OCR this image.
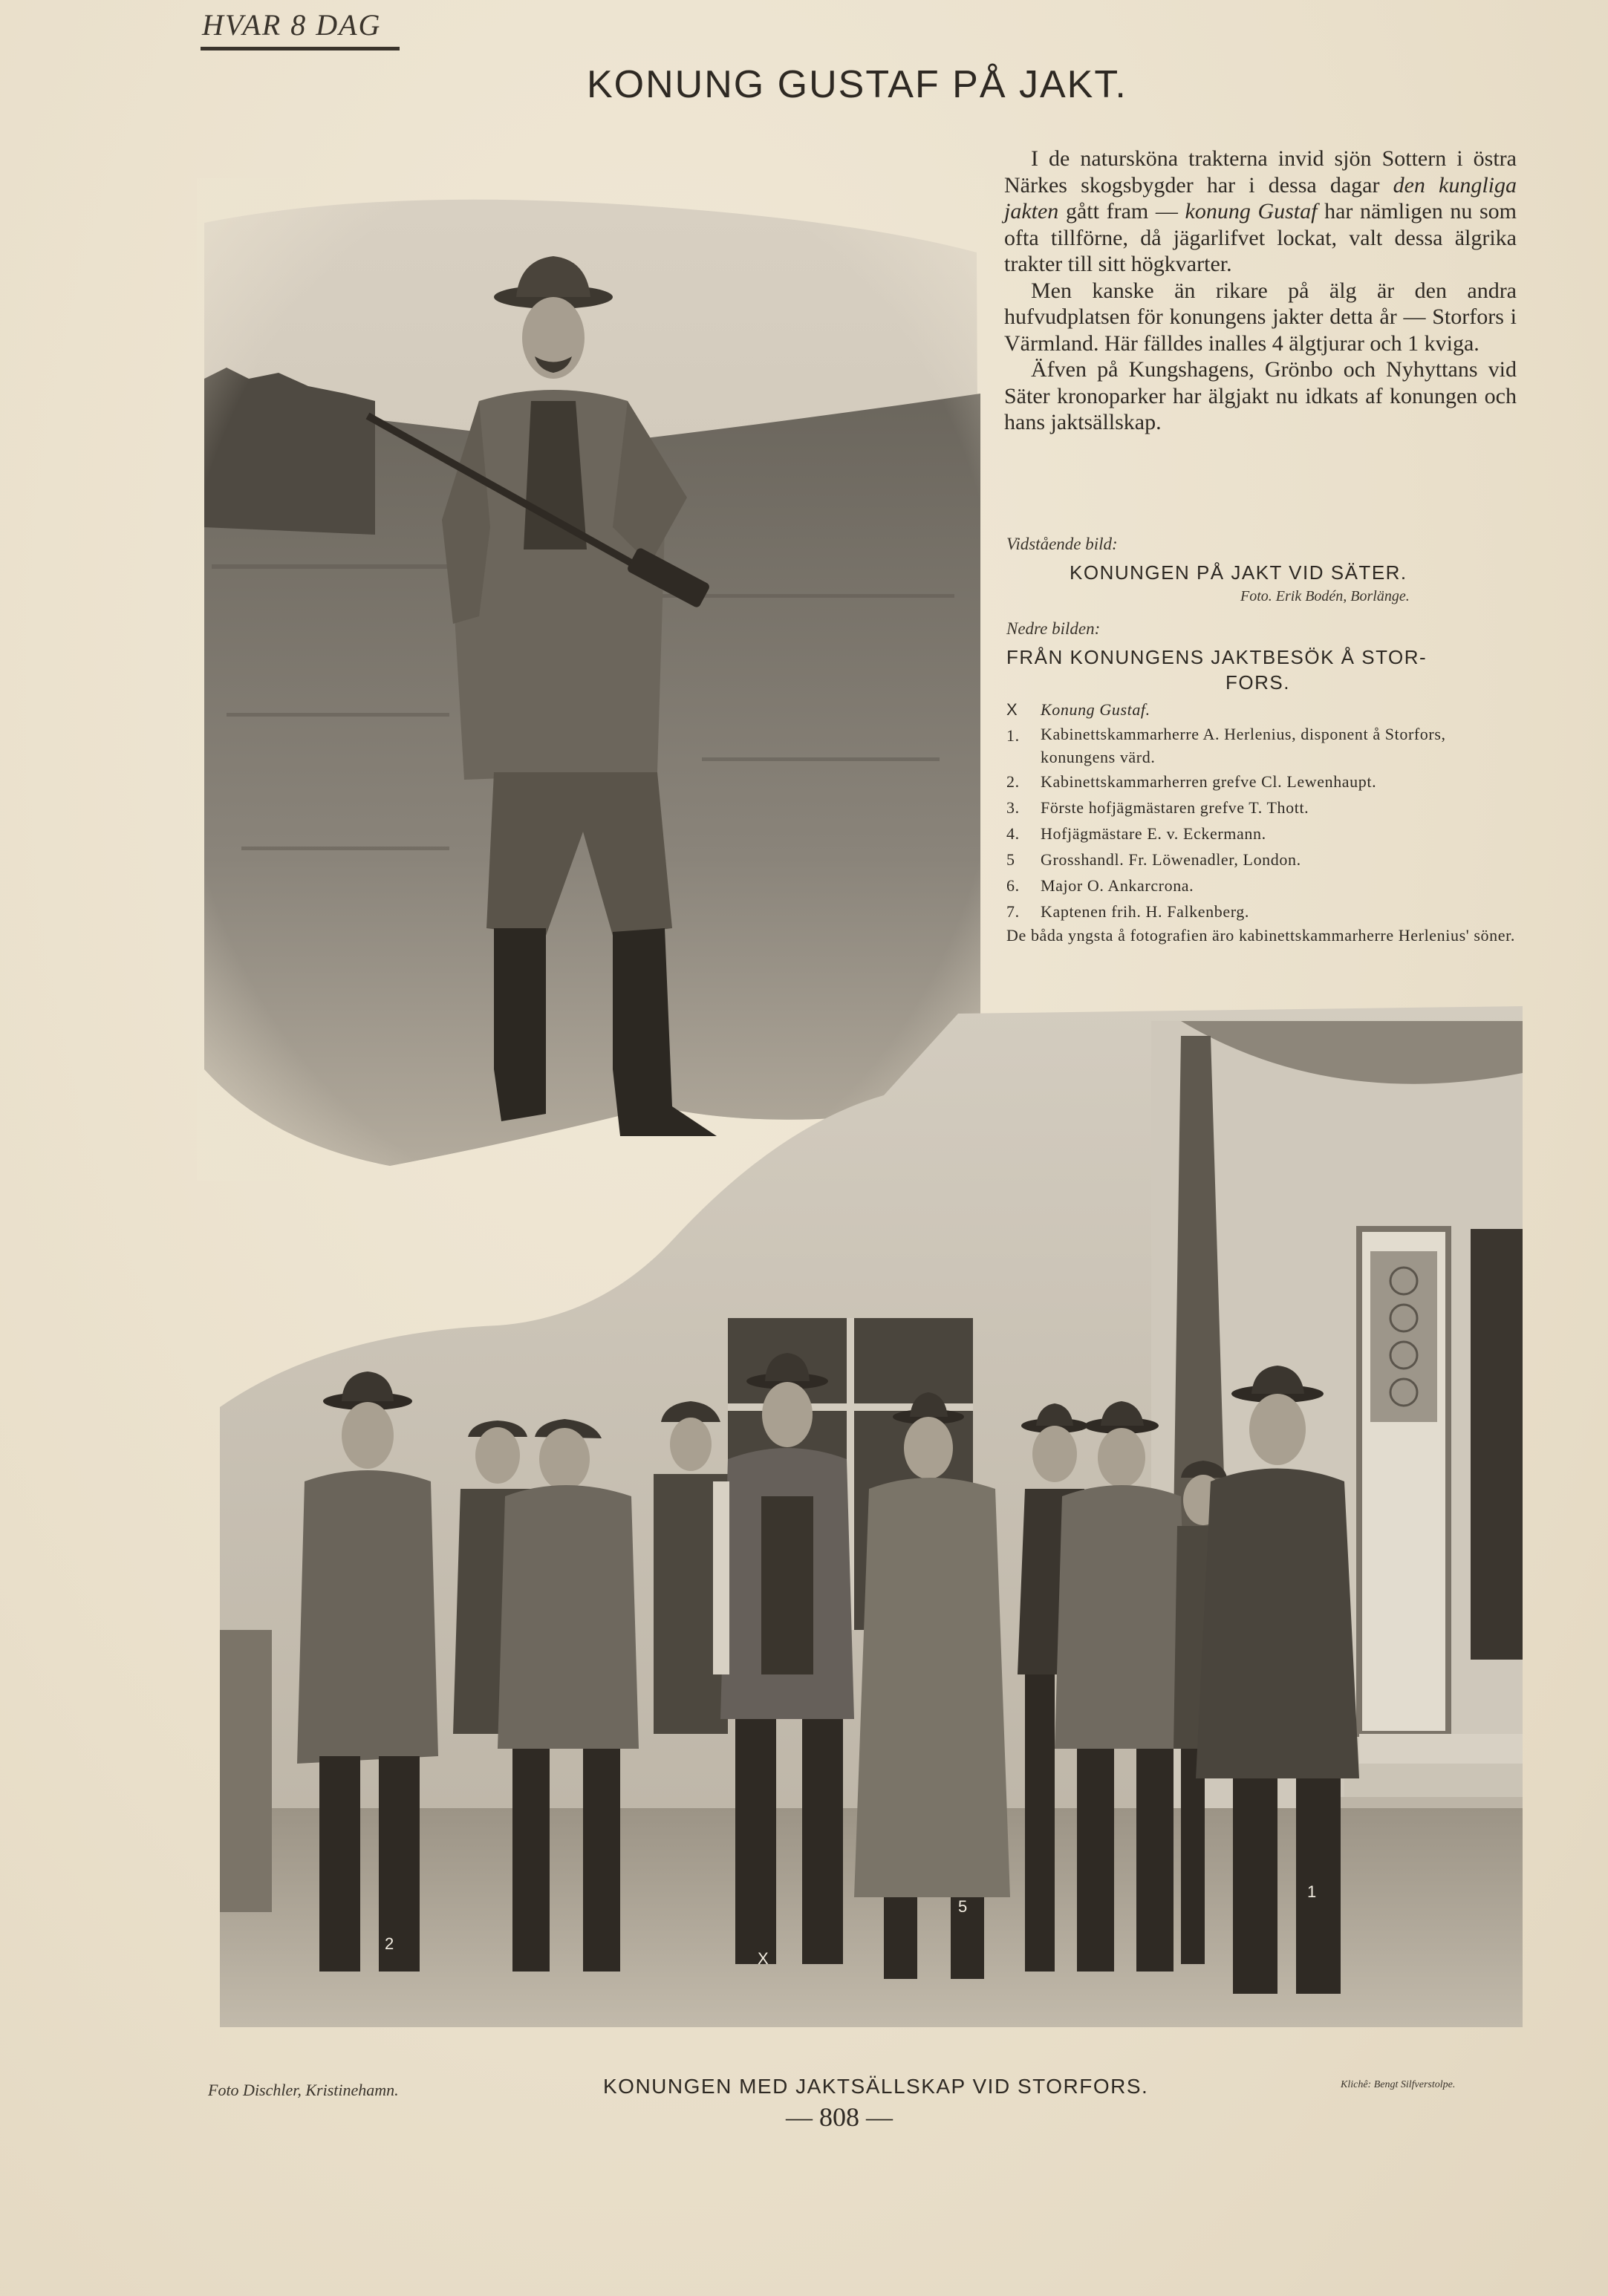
HVAR 8 DAG
KONUNG GUSTAF PÅ JAKT.

I de naturskönа trakterna invid sjön Sottern i östra Närkes skogsbygder har i dessa dagar den kungliga jakten gått fram — konung Gustaf har nämligen nu som ofta tillförne, då jägarlifvet lockat, valt dessa älgrika trakter till sitt högkvarter.

Men kanske än rikare på älg är den andra hufvudplatsen för konungens jakter detta år — Storfors i Värmland. Här fälldes inalles 4 älgtjurar och 1 kviga.

Äfven på Kungshagens, Grönbo och Nyhyttans vid Säter kronoparker har älgjakt nu idkats af konungen och hans jaktsällskap.

Vidstående bild:
KONUNGEN PÅ JAKT VID SÄTER.
Foto. Erik Bodén, Borlänge.
Nedre bilden:
FRÅN KONUNGENS JAKTBESÖK Å STOR-
FORS.
X	Konung Gustaf.
1.	Kabinettskammarherre A. Herlenius, disponent å Storfors, konungens värd.
2.	Kabinettskammarherren grefve Cl. Lewenhaupt.
3.	Förste hofjägmästaren grefve T. Thott.
4.	Hofjägmästare E. v. Eckermann.
5	Grosshandl. Fr. Löwenadler, London.
6.	Major O. Ankarcrona.
7.	Kaptenen frih. H. Falkenberg.
De båda yngsta å fotografien äro kabinettskammarherre Herlenius' söner.
2
X
5
1
Foto Dischler, Kristinehamn.	KONUNGEN MED JAKTSÄLLSKAP VID STORFORS.	Klichê: Bengt Silfverstolpe.
— 808 —
